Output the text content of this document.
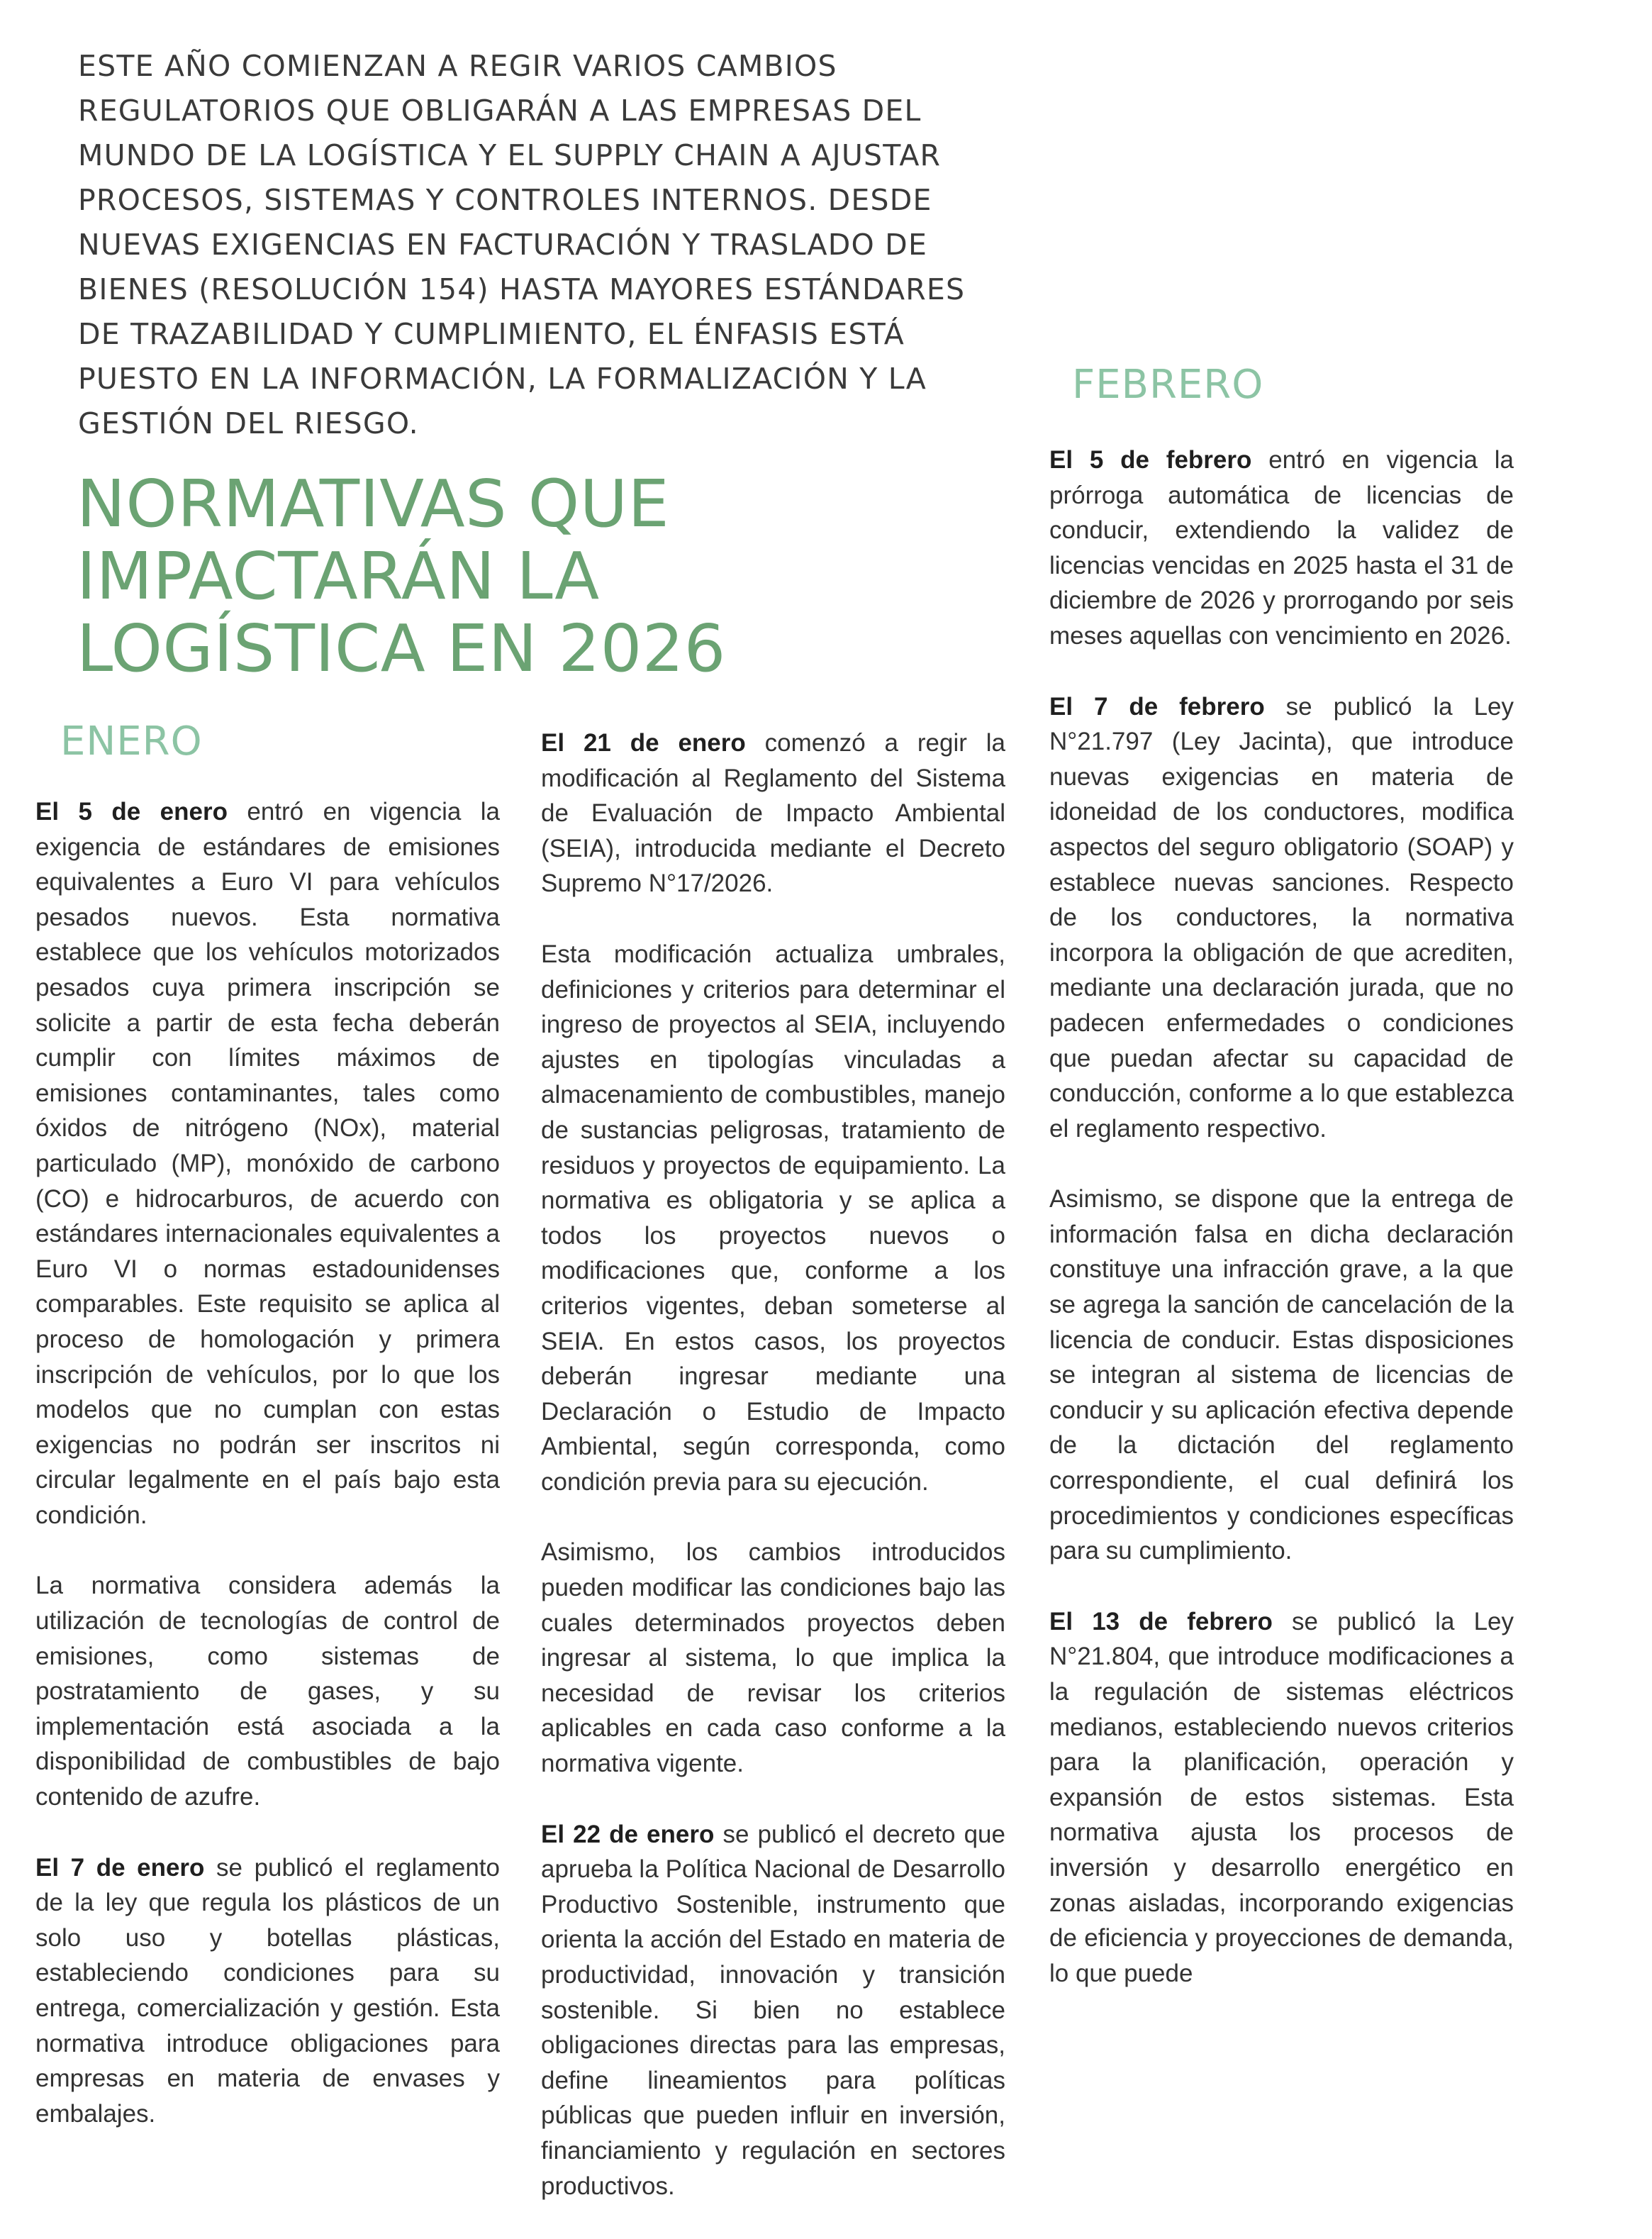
ESTE AÑO COMIENZAN A REGIR VARIOS CAMBIOS REGULATORIOS QUE OBLIGARÁN A LAS EMPRESAS DEL MUNDO DE LA LOGÍSTICA Y EL SUPPLY CHAIN A AJUSTAR PROCESOS, SISTEMAS Y CONTROLES INTERNOS. DESDE NUEVAS EXIGENCIAS EN FACTURACIÓN Y TRASLADO DE BIENES (RESOLUCIÓN 154) HASTA MAYORES ESTÁNDARES DE TRAZABILIDAD Y CUMPLIMIENTO, EL ÉNFASIS ESTÁ PUESTO EN LA INFORMACIÓN, LA FORMALIZACIÓN Y LA GESTIÓN DEL RIESGO.

NORMATIVAS QUE IMPACTARÁN LA LOGÍSTICA EN 2026
ENERO

El 5 de enero entró en vigencia la exigencia de estándares de emisiones equivalentes a Euro VI para vehículos pesados nuevos. Esta normativa establece que los vehículos motorizados pesados cuya primera inscripción se solicite a partir de esta fecha deberán cumplir con límites máximos de emisiones contaminantes, tales como óxidos de nitrógeno (NOx), material particulado (MP), monóxido de carbono (CO) e hidrocarburos, de acuerdo con estándares internacionales equivalentes a Euro VI o normas estadounidenses comparables. Este requisito se aplica al proceso de homologación y primera inscripción de vehículos, por lo que los modelos que no cumplan con estas exigencias no podrán ser inscritos ni circular legalmente en el país bajo esta condición.

La normativa considera además la utilización de tecnologías de control de emisiones, como sistemas de postratamiento de gases, y su implementación está asociada a la disponibilidad de combustibles de bajo contenido de azufre.

El 7 de enero se publicó el reglamento de la ley que regula los plásticos de un solo uso y botellas plásticas, estableciendo condiciones para su entrega, comercialización y gestión. Esta normativa introduce obligaciones para empresas en materia de envases y embalajes.

El 21 de enero comenzó a regir la modificación al Reglamento del Sistema de Evaluación de Impacto Ambiental (SEIA), introducida mediante el Decreto Supremo N°17/2026.

Esta modificación actualiza umbrales, definiciones y criterios para determinar el ingreso de proyectos al SEIA, incluyendo ajustes en tipologías vinculadas a almacenamiento de combustibles, manejo de sustancias peligrosas, tratamiento de residuos y proyectos de equipamiento. La normativa es obligatoria y se aplica a todos los proyectos nuevos o modificaciones que, conforme a los criterios vigentes, deban someterse al SEIA. En estos casos, los proyectos deberán ingresar mediante una Declaración o Estudio de Impacto Ambiental, según corresponda, como condición previa para su ejecución.

Asimismo, los cambios introducidos pueden modificar las condiciones bajo las cuales determinados proyectos deben ingresar al sistema, lo que implica la necesidad de revisar los criterios aplicables en cada caso conforme a la normativa vigente.

El 22 de enero se publicó el decreto que aprueba la Política Nacional de Desarrollo Productivo Sostenible, instrumento que orienta la acción del Estado en materia de productividad, innovación y transición sostenible. Si bien no establece obligaciones directas para las empresas, define lineamientos para políticas públicas que pueden influir en inversión, financiamiento y regulación en sectores productivos.

FEBRERO

El 5 de febrero entró en vigencia la prórroga automática de licencias de conducir, extendiendo la validez de licencias vencidas en 2025 hasta el 31 de diciembre de 2026 y prorrogando por seis meses aquellas con vencimiento en 2026.

El 7 de febrero se publicó la Ley N°21.797 (Ley Jacinta), que introduce nuevas exigencias en materia de idoneidad de los conductores, modifica aspectos del seguro obligatorio (SOAP) y establece nuevas sanciones. Respecto de los conductores, la normativa incorpora la obligación de que acrediten, mediante una declaración jurada, que no padecen enfermedades o condiciones que puedan afectar su capacidad de conducción, conforme a lo que establezca el reglamento respectivo.

Asimismo, se dispone que la entrega de información falsa en dicha declaración constituye una infracción grave, a la que se agrega la sanción de cancelación de la licencia de conducir. Estas disposiciones se integran al sistema de licencias de conducir y su aplicación efectiva depende de la dictación del reglamento correspondiente, el cual definirá los procedimientos y condiciones específicas para su cumplimiento.

El 13 de febrero se publicó la Ley N°21.804, que introduce modificaciones a la regulación de sistemas eléctricos medianos, estableciendo nuevos criterios para la planificación, operación y expansión de estos sistemas. Esta normativa ajusta los procesos de inversión y desarrollo energético en zonas aisladas, incorporando exigencias de eficiencia y proyecciones de demanda, lo que puede
